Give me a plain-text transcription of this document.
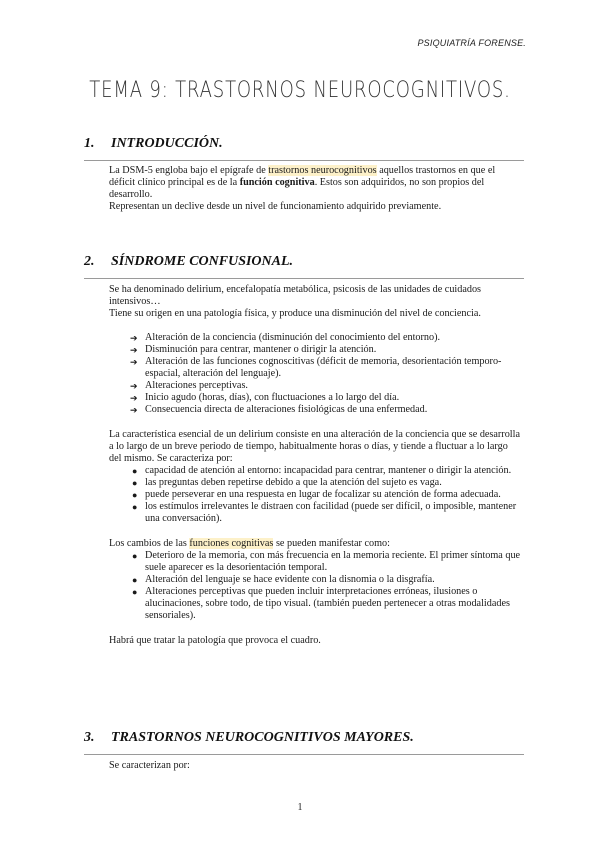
PSIQUIATRÍA FORENSE.
TEMA 9: TRASTORNOS NEUROCOGNITIVOS.
1. INTRODUCCIÓN.

La DSM-5 engloba bajo el epígrafe de trastornos neurocognitivos aquellos trastornos en que el déficit clínico principal es de la función cognitiva. Estos son adquiridos, no son propios del desarrollo.

Representan un declive desde un nivel de funcionamiento adquirido previamente.

2. SÍNDROME CONFUSIONAL.

Se ha denominado delirium, encefalopatía metabólica, psicosis de las unidades de cuidados intensivos…

Tiene su origen en una patología física, y produce una disminución del nivel de conciencia.

➔ Alteración de la conciencia (disminución del conocimiento del entorno).
➔ Disminución para centrar, mantener o dirigir la atención.
➔ Alteración de las funciones cognoscitivas (déficit de memoria, desorientación temporo-espacial, alteración del lenguaje).
➔ Alteraciones perceptivas.
➔ Inicio agudo (horas, días), con fluctuaciones a lo largo del día.
➔ Consecuencia directa de alteraciones fisiológicas de una enfermedad.

La característica esencial de un delirium consiste en una alteración de la conciencia que se desarrolla a lo largo de un breve periodo de tiempo, habitualmente horas o días, y tiende a fluctuar a lo largo del mismo. Se caracteriza por:

● capacidad de atención al entorno: incapacidad para centrar, mantener o dirigir la atención.
● las preguntas deben repetirse debido a que la atención del sujeto es vaga.
● puede perseverar en una respuesta en lugar de focalizar su atención de forma adecuada.
● los estímulos irrelevantes le distraen con facilidad (puede ser difícil, o imposible, mantener una conversación).

Los cambios de las funciones cognitivas se pueden manifestar como:

● Deterioro de la memoria, con más frecuencia en la memoria reciente. El primer síntoma que suele aparecer es la desorientación temporal.
● Alteración del lenguaje se hace evidente con la disnomia o la disgrafía.
● Alteraciones perceptivas que pueden incluir interpretaciones erróneas, ilusiones o alucinaciones, sobre todo, de tipo visual. (también pueden pertenecer a otras modalidades sensoriales).

Habrá que tratar la patología que provoca el cuadro.

3. TRASTORNOS NEUROCOGNITIVOS MAYORES.

Se caracterizan por:

1
